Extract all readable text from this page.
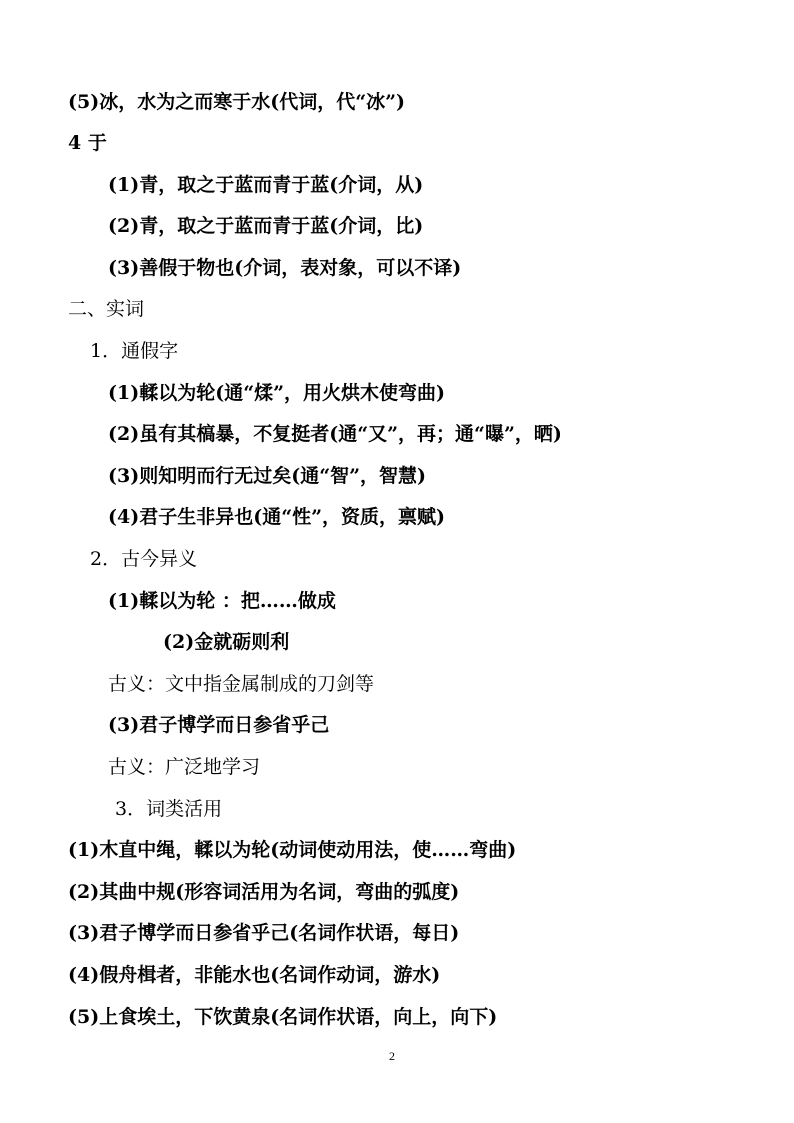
(5)冰，水为之而寒于水(代词，代“冰”)
4 于
(1)青，取之于蓝而青于蓝(介词，从)
(2)青，取之于蓝而青于蓝(介词，比)
(3)善假于物也(介词，表对象，可以不译)
二、实词
1．通假字
(1)輮以为轮(通“煣”，用火烘木使弯曲)
(2)虽有其槁暴，不复挺者(通“又”，再；通“曝”，晒)
(3)则知明而行无过矣(通“智”，智慧)
(4)君子生非异也(通“性”，资质，禀赋)
2．古今异义
(1)輮以为轮 ：把……做成
(2)金就砺则利
古义：文中指金属制成的刀剑等
(3)君子博学而日参省乎己
古义：广泛地学习
3．词类活用
(1)木直中绳，輮以为轮(动词使动用法，使……弯曲)
(2)其曲中规(形容词活用为名词，弯曲的弧度)
(3)君子博学而日参省乎己(名词作状语，每日)
(4)假舟楫者，非能水也(名词作动词，游水)
(5)上食埃土，下饮黄泉(名词作状语，向上，向下)
2
